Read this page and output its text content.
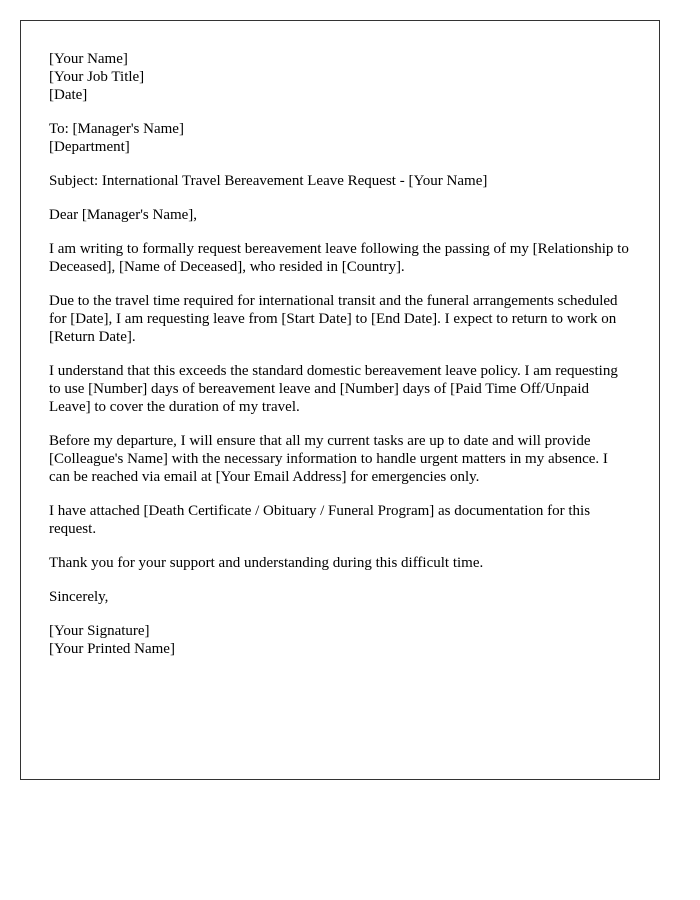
[Your Name]

[Your Job Title]

[Date]

To: [Manager's Name]

[Department]

Subject: International Travel Bereavement Leave Request - [Your Name]

Dear [Manager's Name],

I am writing to formally request bereavement leave following the passing of my [Relationship to Deceased], [Name of Deceased], who resided in [Country].

Due to the travel time required for international transit and the funeral arrangements scheduled for [Date], I am requesting leave from [Start Date] to [End Date]. I expect to return to work on [Return Date].

I understand that this exceeds the standard domestic bereavement leave policy. I am requesting to use [Number] days of bereavement leave and [Number] days of [Paid Time Off/Unpaid Leave] to cover the duration of my travel.

Before my departure, I will ensure that all my current tasks are up to date and will provide [Colleague's Name] with the necessary information to handle urgent matters in my absence. I can be reached via email at [Your Email Address] for emergencies only.

I have attached [Death Certificate / Obituary / Funeral Program] as documentation for this request.

Thank you for your support and understanding during this difficult time.

Sincerely,

[Your Signature]

[Your Printed Name]
